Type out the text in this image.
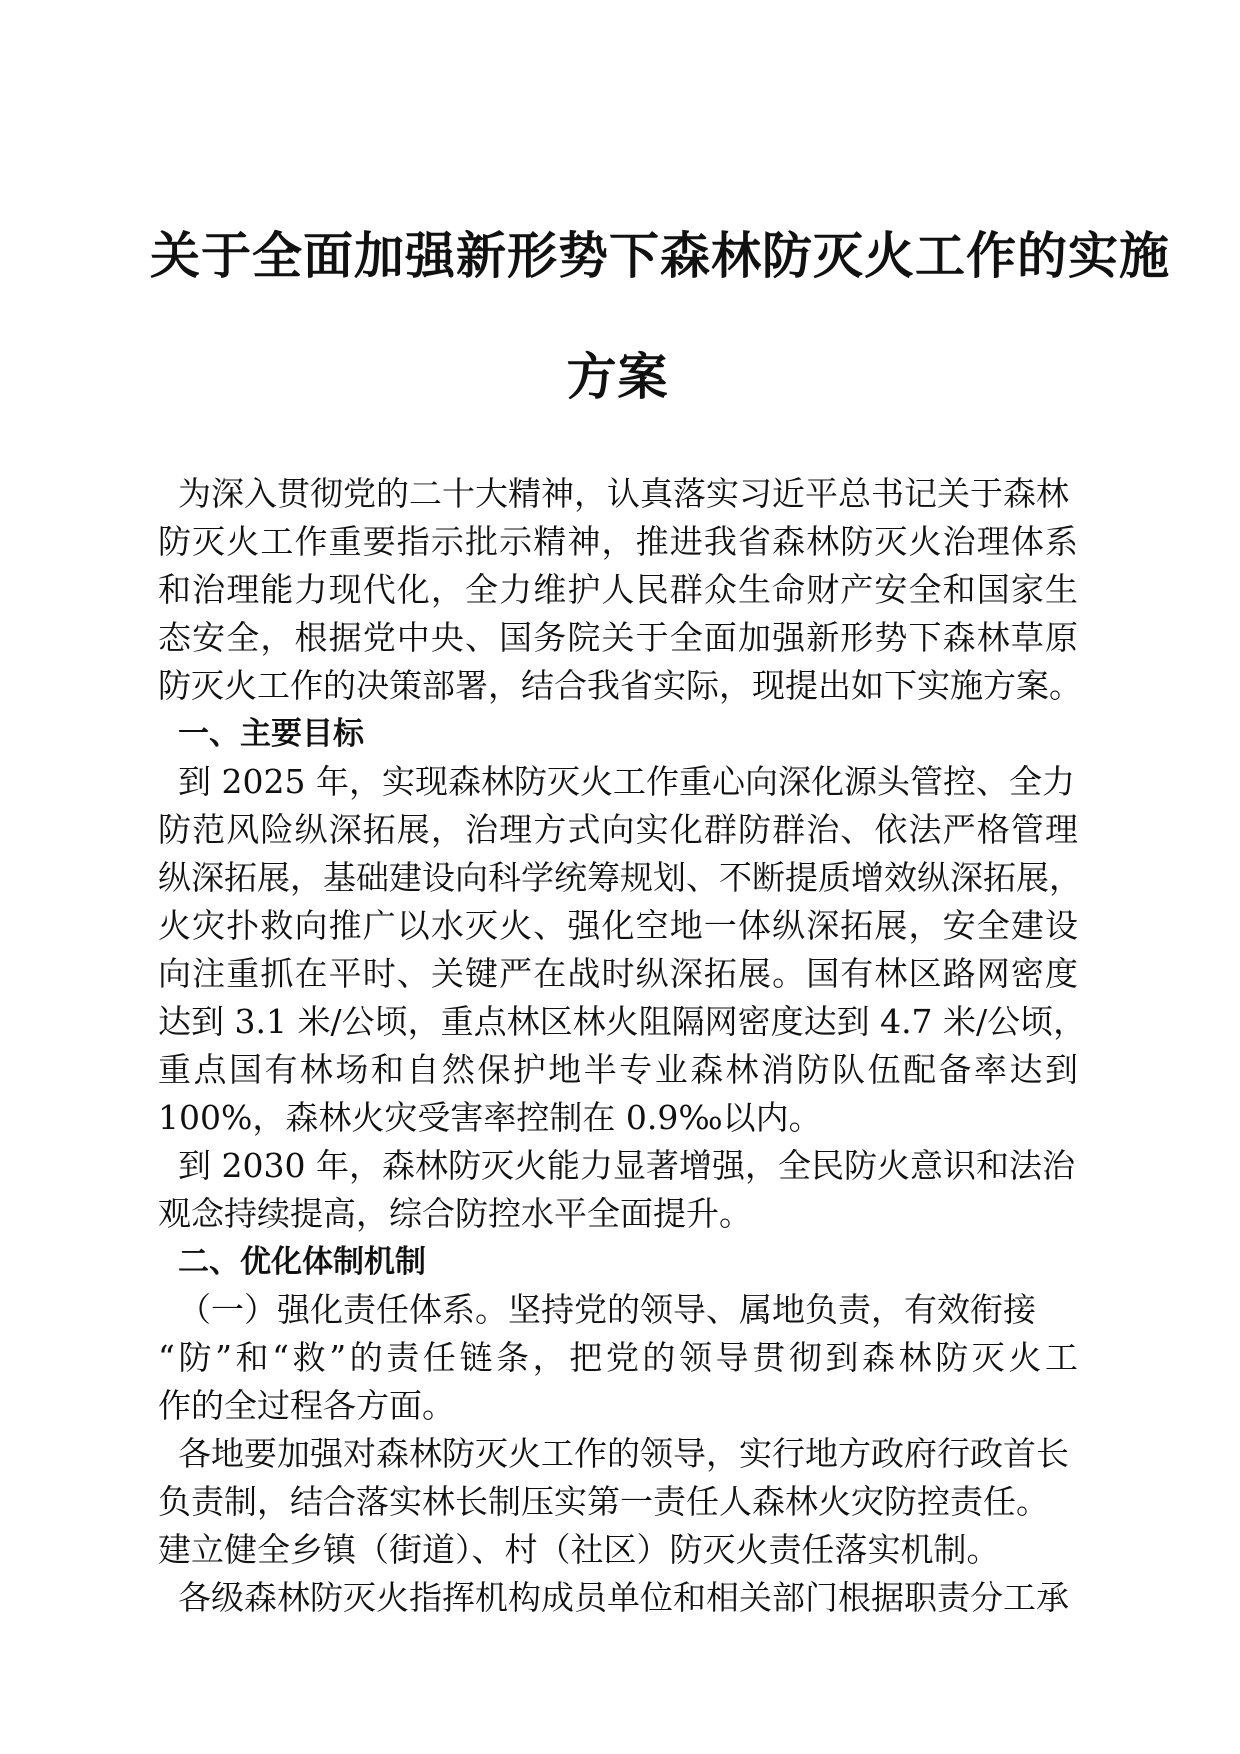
关于全面加强新形势下森林防灭火工作的实施
方案
为深入贯彻党的二十大精神，认真落实习近平总书记关于森林
防灭火工作重要指示批示精神，推进我省森林防灭火治理体系
和治理能力现代化，全力维护人民群众生命财产安全和国家生
态安全，根据党中央、国务院关于全面加强新形势下森林草原
防灭火工作的决策部署，结合我省实际，现提出如下实施方案。
一、主要目标
到 2025 年，实现森林防灭火工作重心向深化源头管控、全力
防范风险纵深拓展，治理方式向实化群防群治、依法严格管理
纵深拓展，基础建设向科学统筹规划、不断提质增效纵深拓展，
火灾扑救向推广以水灭火、强化空地一体纵深拓展，安全建设
向注重抓在平时、关键严在战时纵深拓展。国有林区路网密度
达到 3.1 米/公顷，重点林区林火阻隔网密度达到 4.7 米/公顷，
重点国有林场和自然保护地半专业森林消防队伍配备率达到
100%，森林火灾受害率控制在 0.9‰以内。
到 2030 年，森林防灭火能力显著增强，全民防火意识和法治
观念持续提高，综合防控水平全面提升。
二、优化体制机制
（一）强化责任体系。坚持党的领导、属地负责，有效衔接
“防”和“救”的责任链条，把党的领导贯彻到森林防灭火工
作的全过程各方面。
各地要加强对森林防灭火工作的领导，实行地方政府行政首长
负责制，结合落实林长制压实第一责任人森林火灾防控责任。
建立健全乡镇（街道）、村（社区）防灭火责任落实机制。
各级森林防灭火指挥机构成员单位和相关部门根据职责分工承
